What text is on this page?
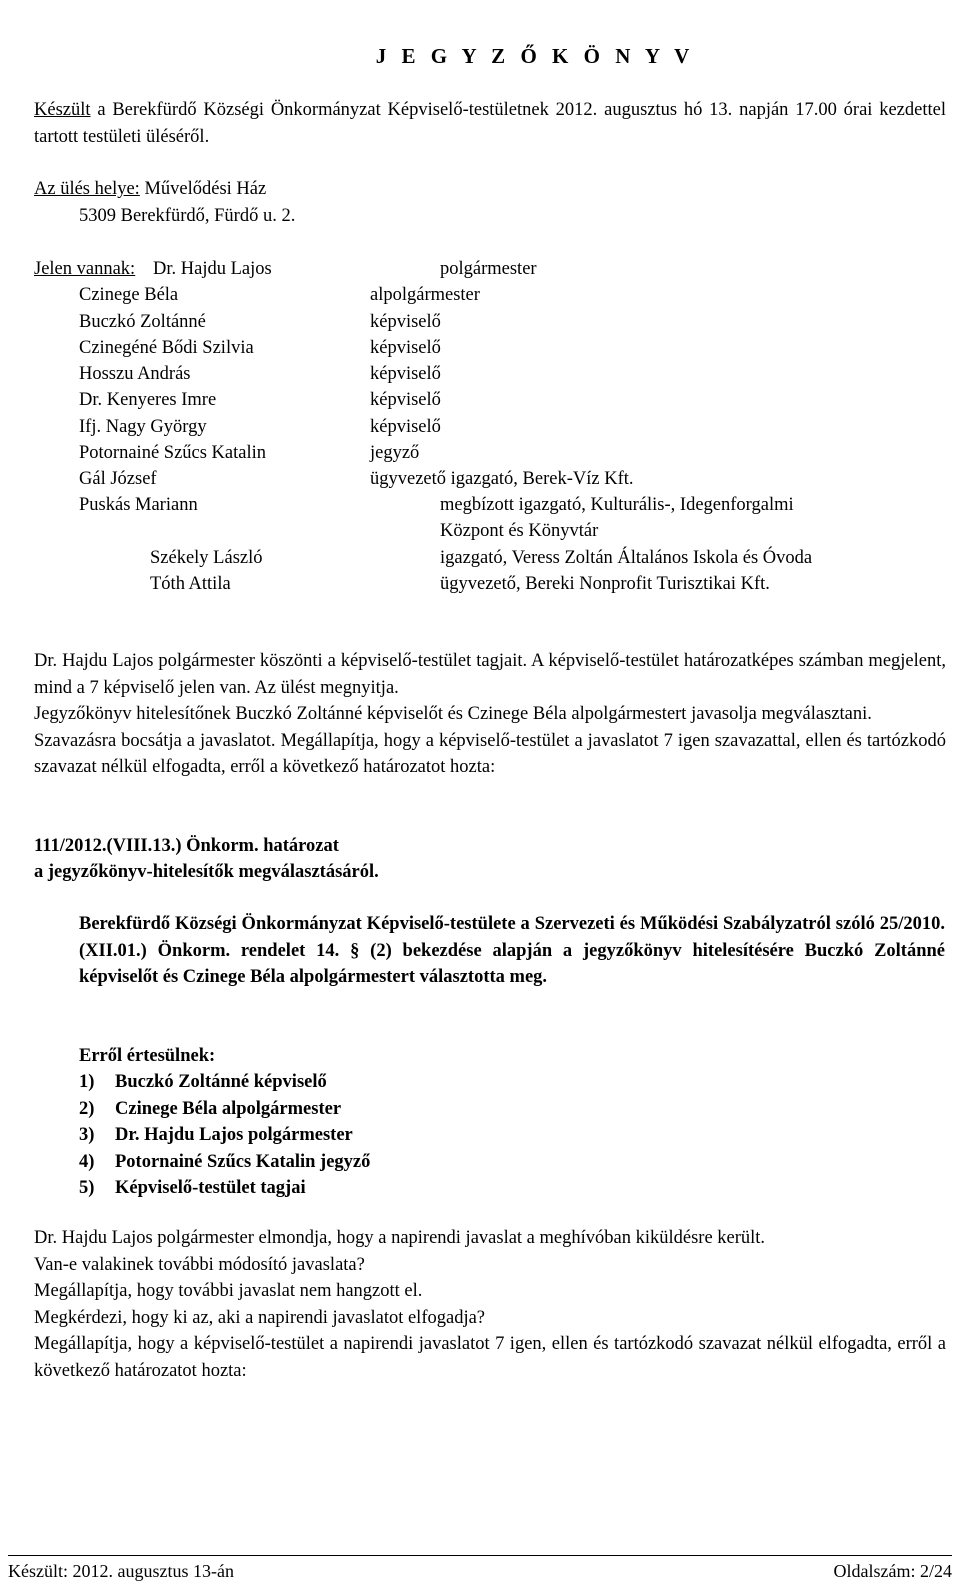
J E G Y Z Ő K Ö N Y V

Készült a Berekfürdő Községi Önkormányzat Képviselő-testületnek 2012. augusztus hó 13. napján 17.00 órai kezdettel tartott testületi üléséről.

Az ülés helye: Művelődési Ház
5309 Berekfürdő, Fürdő u. 2.
Jelen vannak: Dr. Hajdu Lajos	polgármester
Czinege Béla	alpolgármester
Buczkó Zoltánné	képviselő
Czinegéné Bődi Szilvia	képviselő
Hosszu András	képviselő
Dr. Kenyeres Imre	képviselő
Ifj. Nagy György	képviselő
Potornainé Szűcs Katalin	jegyző
Gál József	ügyvezető igazgató, Berek-Víz Kft.
Puskás Mariann	megbízott igazgató, Kulturális-, Idegenforgalmi
Központ és Könyvtár
Székely László	igazgató, Veress Zoltán Általános Iskola és Óvoda
Tóth Attila	ügyvezető, Bereki Nonprofit Turisztikai Kft.

Dr. Hajdu Lajos polgármester köszönti a képviselő-testület tagjait. A képviselő-testület határozatképes számban megjelent, mind a 7 képviselő jelen van. Az ülést megnyitja.

Jegyzőkönyv hitelesítőnek Buczkó Zoltánné képviselőt és Czinege Béla alpolgármestert javasolja megválasztani.

Szavazásra bocsátja a javaslatot. Megállapítja, hogy a képviselő-testület a javaslatot 7 igen szavazattal, ellen és tartózkodó szavazat nélkül elfogadta, erről a következő határozatot hozta:

111/2012.(VIII.13.) Önkorm. határozat
a jegyzőkönyv-hitelesítők megválasztásáról.

Berekfürdő Községi Önkormányzat Képviselő-testülete a Szervezeti és Működési Szabályzatról szóló 25/2010.(XII.01.) Önkorm. rendelet 14. § (2) bekezdése alapján a jegyzőkönyv hitelesítésére Buczkó Zoltánné képviselőt és Czinege Béla alpolgármestert választotta meg.

Erről értesülnek:
1)	Buczkó Zoltánné képviselő
2)	Czinege Béla alpolgármester
3)	Dr. Hajdu Lajos polgármester
4)	Potornainé Szűcs Katalin jegyző
5)	Képviselő-testület tagjai

Dr. Hajdu Lajos polgármester elmondja, hogy a napirendi javaslat a meghívóban kiküldésre került.

Van-e valakinek további módosító javaslata?

Megállapítja, hogy további javaslat nem hangzott el.

Megkérdezi, hogy ki az, aki a napirendi javaslatot elfogadja?

Megállapítja, hogy a képviselő-testület a napirendi javaslatot 7 igen, ellen és tartózkodó szavazat nélkül elfogadta, erről a következő határozatot hozta:

Készült: 2012. augusztus 13-án	Oldalszám: 2/24
